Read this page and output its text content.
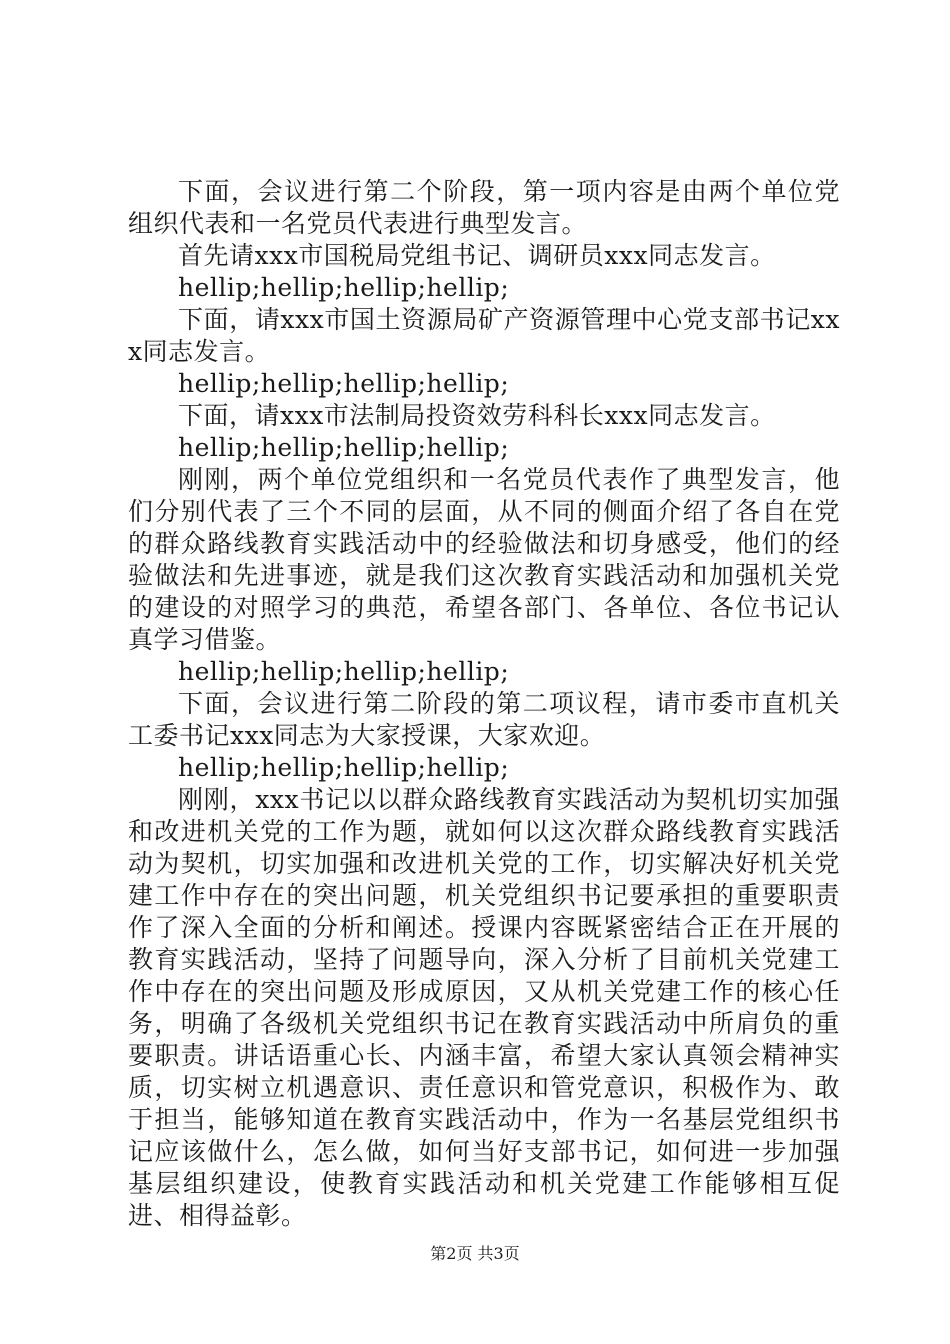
下面，会议进行第二个阶段，第一项内容是由两个单位党组织代表和一名党员代表进行典型发言。

首先请xxx市国税局党组书记、调研员xxx同志发言。

hellip;hellip;hellip;hellip;

下面，请xxx市国土资源局矿产资源管理中心党支部书记xxx同志发言。

hellip;hellip;hellip;hellip;

下面，请xxx市法制局投资效劳科科长xxx同志发言。

hellip;hellip;hellip;hellip;

刚刚，两个单位党组织和一名党员代表作了典型发言，他们分别代表了三个不同的层面，从不同的侧面介绍了各自在党的群众路线教育实践活动中的经验做法和切身感受，他们的经验做法和先进事迹，就是我们这次教育实践活动和加强机关党的建设的对照学习的典范，希望各部门、各单位、各位书记认真学习借鉴。

hellip;hellip;hellip;hellip;

下面，会议进行第二阶段的第二项议程，请市委市直机关工委书记xxx同志为大家授课，大家欢迎。

hellip;hellip;hellip;hellip;

刚刚，xxx书记以以群众路线教育实践活动为契机切实加强和改进机关党的工作为题，就如何以这次群众路线教育实践活动为契机，切实加强和改进机关党的工作，切实解决好机关党建工作中存在的突出问题，机关党组织书记要承担的重要职责作了深入全面的分析和阐述。授课内容既紧密结合正在开展的教育实践活动，坚持了问题导向，深入分析了目前机关党建工作中存在的突出问题及形成原因，又从机关党建工作的核心任务，明确了各级机关党组织书记在教育实践活动中所肩负的重要职责。讲话语重心长、内涵丰富，希望大家认真领会精神实质，切实树立机遇意识、责任意识和管党意识，积极作为、敢于担当，能够知道在教育实践活动中，作为一名基层党组织书记应该做什么，怎么做，如何当好支部书记，如何进一步加强基层组织建设，使教育实践活动和机关党建工作能够相互促进、相得益彰。

第2页 共3页
